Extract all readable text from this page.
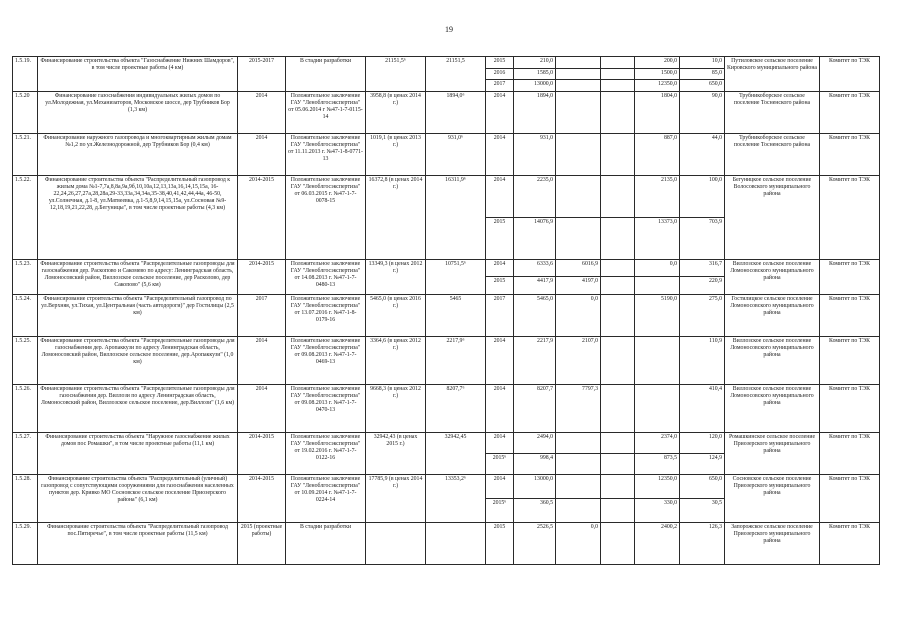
19
1.5.19.	Финансирование строительства объекта "Газоснабжение Нижних Шамдоров", в том числе проектные работы (4 км)	2015-2017	В стадии разработки	21151,5⁶	21151,5	2015	210,0			200,0	10,0	Путиловское сельское поселение Кировского муниципального района	Комитет по ТЭК
						2016	1585,0			1500,0	85,0		
						2017	13000,0			12350,0	650,0		
1.5.20	Финансирование газоснабжения индивидуальных жилых домов по ул.Молодежная, ул.Механизаторов, Московское шоссе, дер Трубников Бор (1,3 км)	2014	Положительное заключение ГАУ "Леноблгосэкспертиза" от 05.06.2014 г №47-1-7-0115-14	3958,8 (в ценах 2014 г.)	1894,0⁶	2014	1894,0			1804,0	90,0	Трубникоборское сельское поселение Тосненского района	Комитет по ТЭК
1.5.21.	Финансирование наружного газопровода и многоквартирным жилым домам №1,2 по ул.Железнодорожной, дер Трубников Бор (0,4 км)	2014	Положительное заключение ГАУ "Леноблгосэкспертиза" от 11.11.2013 г. №47-1-8-0771-13	1019,1 (в ценах 2013 г.)	931,0⁶	2014	931,0			887,0	44,0	Трубникоборское сельское поселение Тосненского района	Комитет по ТЭК
1.5.22.	Финансирование строительства объекта "Распределительный газопровод к жилым дома №1-7,7а,8,8а,9а,9б,10,10а,12,13,13а,16,14,15,15а, 16-22,24,26,27,27а,28,28а,29-33,33а,34,34а,35-38,40,41,42,44,44а, 46-50, ул.Солнечная, д.1-8, ул.Матвеевка, д.1-5,8,9,14,15,15а, ул.Сосновая №9-12,18,19,21,22,28, д.Бегуницы", в том числе проектные работы (4,3 км)	2014-2015	Положительное заключение ГАУ "Леноблгосэкспертиза" от 06.03.2015 г. №47-1-7-0078-15	16372,8 (в ценах 2014 г.)	16311,9⁶	2014	2235,0			2135,0	100,0	Бегуницкое сельское поселение Волосовского муниципального района	Комитет по ТЭК
						2015	14076,9			13373,0	703,9		
1.5.23.	Финансирование строительства объекта "Распределительные газопроводы для газоснабжения дер. Раскопово и Сакомево по адресу: Ленинградская область, Ломоносовский район, Виллозское сельское поселение, дер Расколово, дер Сакопово" (5,6 км)	2014-2015	Положительное заключение ГАУ "Леноблгосэкспертиза" от 14.08.2013 г. №47-1-7-0480-13	13349,3 (в ценах 2012 г.)	10751,5⁶	2014	6333,6	6016,9		0,0	316,7	Виллозское сельское поселение Ломоносовского муниципального района	Комитет по ТЭК
						2015	4417,9	4197,0			220,9		
1.5.24.	Финансирование строительства объекта "Распределительный газопровод по ул.Верхняя, ул.Тихая, ул.Центральная (часть автодороги)" дер Гостилицы (2,5 км)	2017	Положительное заключение ГАУ "Леноблгосэкспертиза" от 13.07.2016 г. №47-1-8-0179-16	5465,0 (в ценах 2016 г.)	5465	2017	5465,0	0,0		5190,0	275,0	Гостилицкое сельское поселение Ломоносовского муниципального района	Комитет по ТЭК
1.5.25.	Финансирование строительства объекта "Распределительные газопроводы для газоснабжения дер. Аропаккузи по адресу Ленинградская область, Ломоносовский район, Виллозское сельское поселение, дер.Аропаккузи" (1,0 км)	2014	Положительное заключение ГАУ "Леноблгосэкспертиза" от 09.08.2013 г. №47-1-7-0469-13	3364,6 (в ценах 2012 г.)	2217,9⁶	2014	2217,9	2107,0			110,9	Виллозское сельское поселение Ломоносовского муниципального района	Комитет по ТЭК
1.5.26.	Финансирование строительства объекта "Распределительные газопроводы для газоснабжения дер. Виллози по адресу Ленинградская область, Ломоносовский район, Виллозское сельское поселение, дер.Виллози" (1,6 км)	2014	Положительное заключение ГАУ "Леноблгосэкспертиза" от 09.08.2013 г. №47-1-7-0470-13	9668,3 (в ценах 2012 г.)	8207,7⁶	2014	8207,7	7797,3			410,4	Виллозское сельское поселение Ломоносовского муниципального района	Комитет по ТЭК
1.5.27.	Финансирование строительства объекта "Наружное газоснабжение жилых домов пос Ромашки", в том числе проектные работы (11,1 км)	2014-2015	Положительное заключение ГАУ "Леноблгосэкспертиза" от 19.02.2016 г. №47-1-7-0122-16	32942,43 (в ценах 2015 г.)	32942,45	2014	2494,0			2374,0	120,0	Ромашкинское сельское поселение Приозерского муниципального района	Комитет по ТЭК
						2015⁶	998,4			873,5	124,9		
1.5.28.	Финансирование строительства объекта "Распределительный (уличный) газопровод с сопутствующими сооружениями для газоснабжения населенных пунктов дер. Кривко МО Сосновское сельское поселение Приозерского района" (6,1 км)	2014-2015	Положительное заключение ГАУ "Леноблгосэкспертиза" от 10.09.2014 г. №47-1-7-0224-14	17785,9 (в ценах 2014 г.)	13353,2⁶	2014	13000,0			12350,0	650,0	Сосновское сельское поселение Приозерского муниципального района	Комитет по ТЭК
						2015⁶	360,5			330,0	30,5		
1.5.29.	Финансирование строительства объекта "Распределительный газопровод пос.Пятиречье", в том числе проектные работы (11,5 км)	2015 (проектные работы)	В стадии разработки			2015	2526,5	0,0		2400,2	126,3	Запорожское сельское поселение Приозерского муниципального района	Комитет по ТЭК
